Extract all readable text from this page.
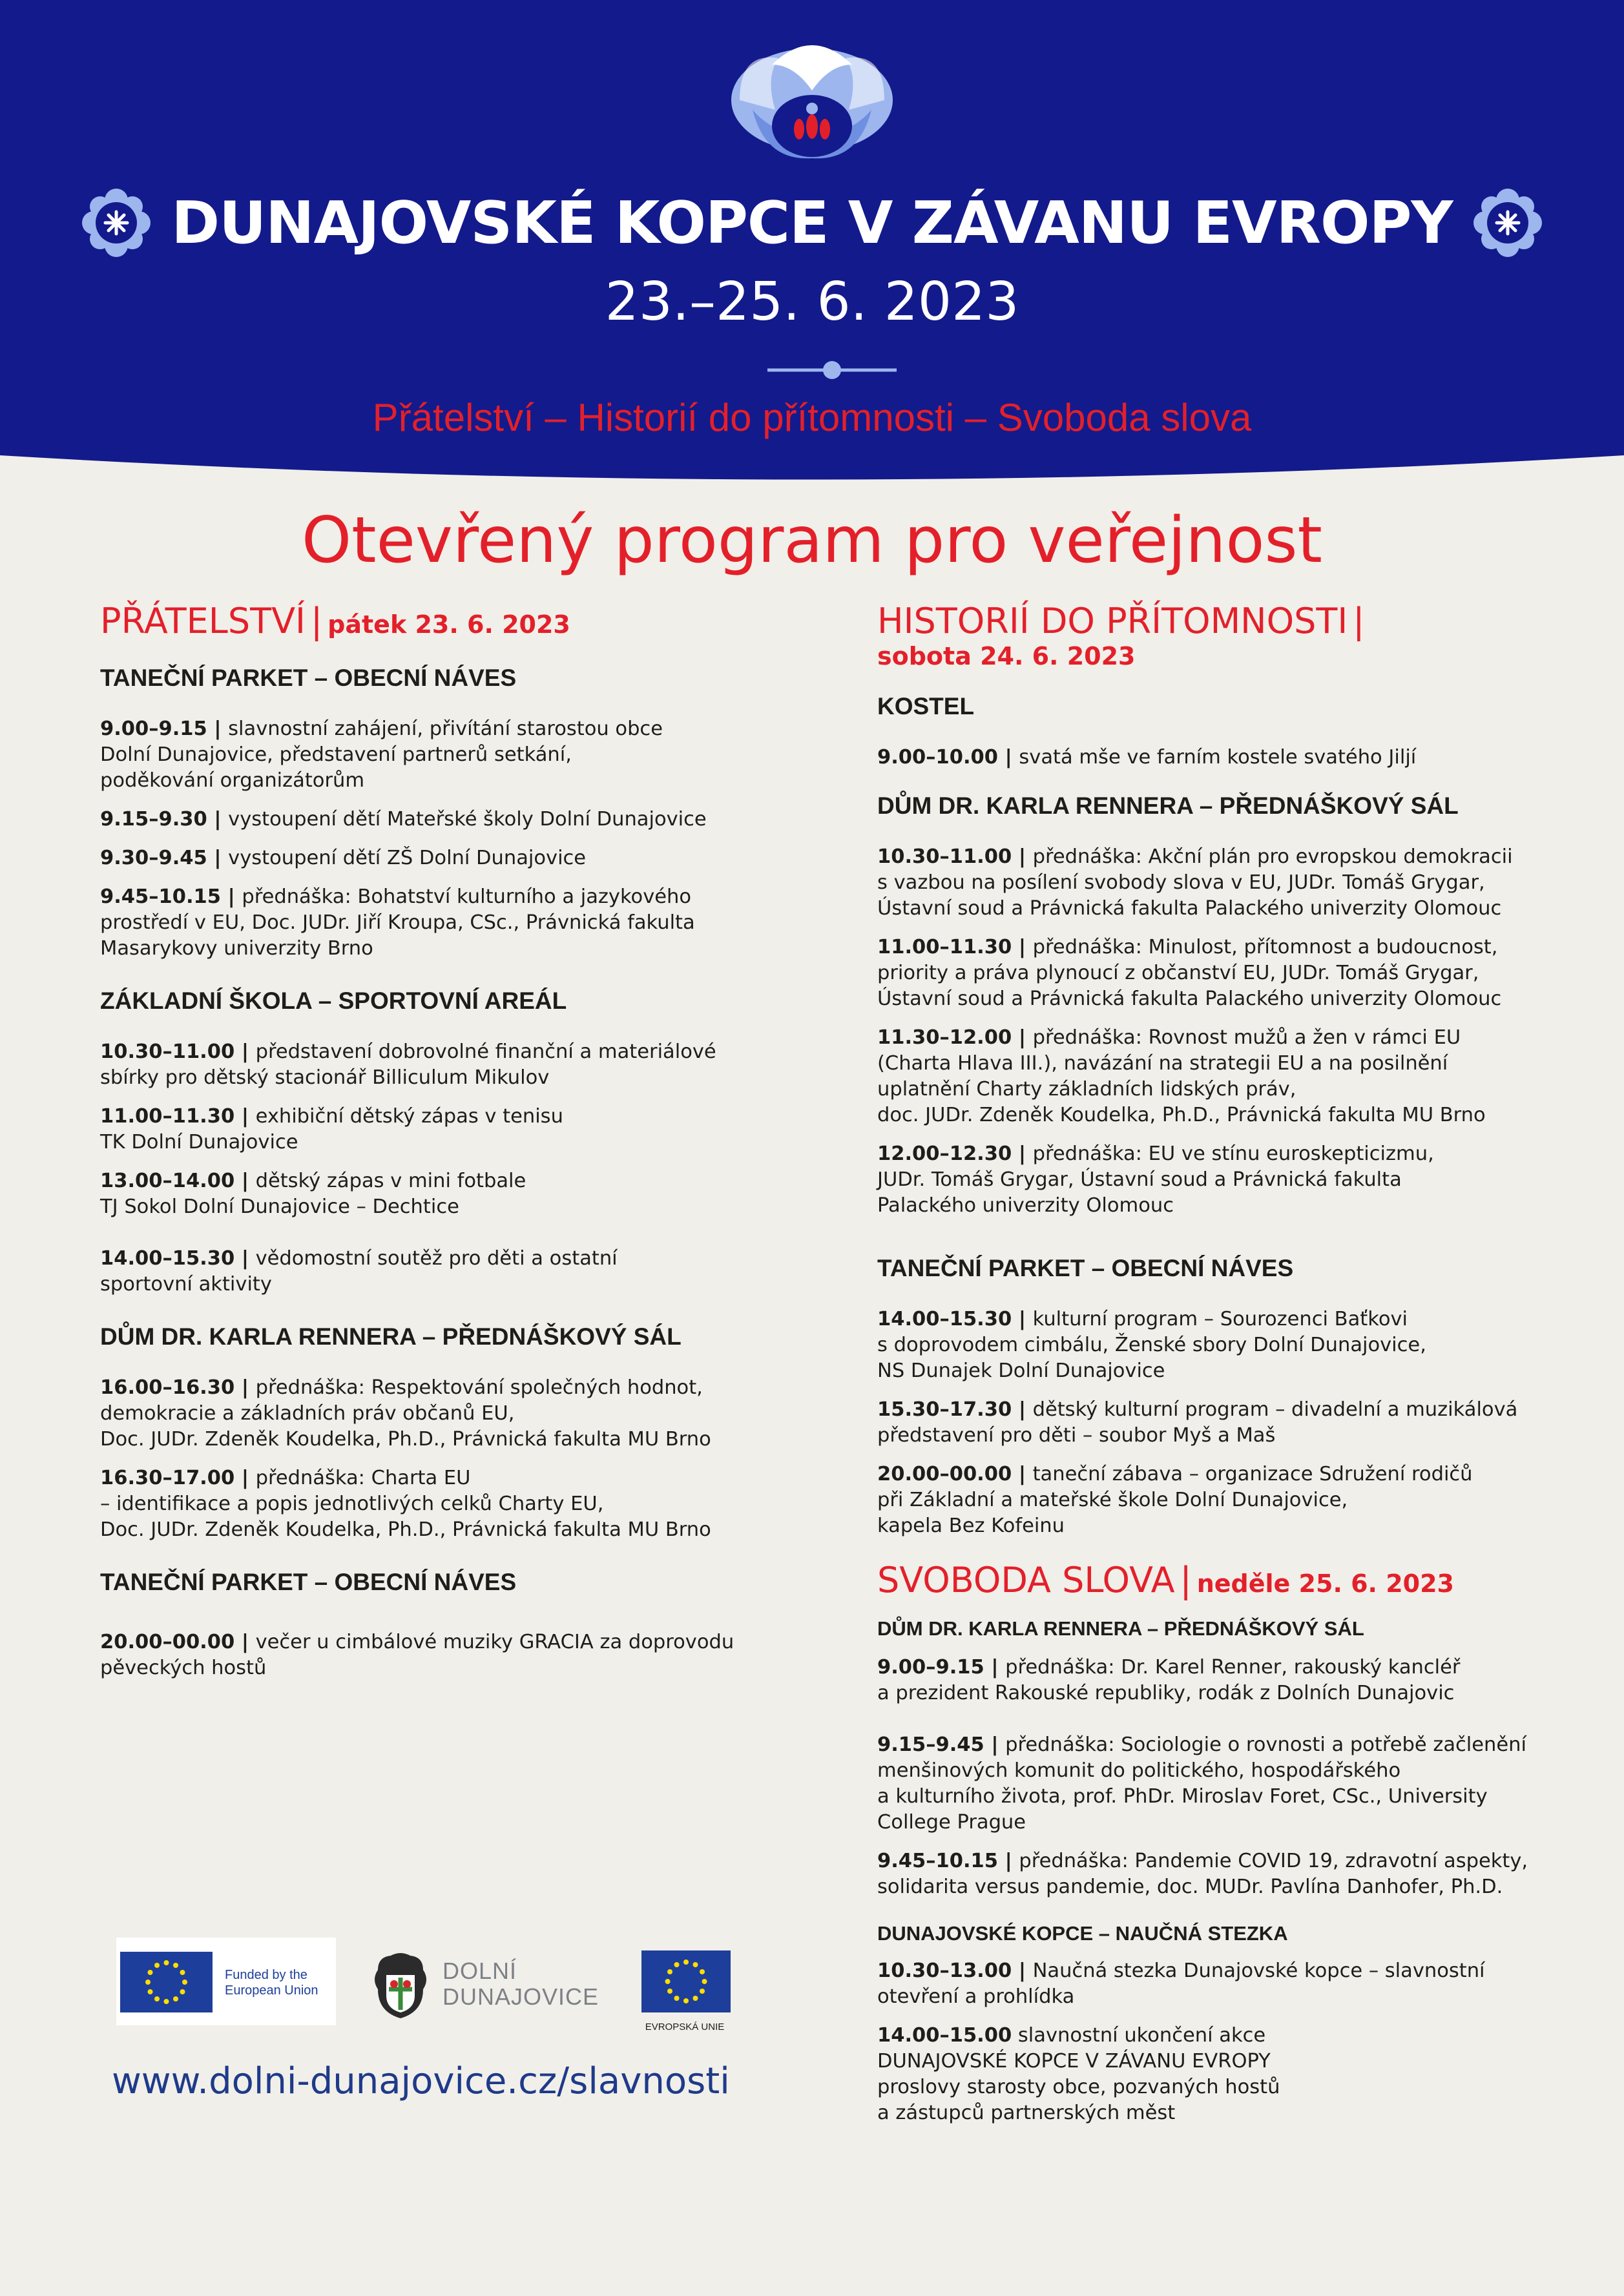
DUNAJOVSKÉ KOPCE V ZÁVANU EVROPY
23.–25. 6. 2023
Přátelství – Historií do přítomnosti – Svoboda slova
Otevřený program pro veřejnost

PŘÁTELSTVÍ | pátek 23. 6. 2023

TANEČNÍ PARKET – OBECNÍ NÁVES

9.00–9.15 | slavnostní zahájení, přivítání starostou obce

Dolní Dunajovice, představení partnerů setkání,

poděkování organizátorům

9.15–9.30 | vystoupení dětí Mateřské školy Dolní Dunajovice

9.30–9.45 | vystoupení dětí ZŠ Dolní Dunajovice

9.45–10.15 | přednáška: Bohatství kulturního a jazykového

prostředí v EU, Doc. JUDr. Jiří Kroupa, CSc., Právnická fakulta

Masarykovy univerzity Brno

ZÁKLADNÍ ŠKOLA – SPORTOVNÍ AREÁL

10.30–11.00 | představení dobrovolné finanční a materiálové

sbírky pro dětský stacionář Billiculum Mikulov

11.00–11.30 | exhibiční dětský zápas v tenisu

TK Dolní Dunajovice

13.00–14.00 | dětský zápas v mini fotbale

TJ Sokol Dolní Dunajovice – Dechtice

14.00–15.30 | vědomostní soutěž pro děti a ostatní

sportovní aktivity

DŮM DR. KARLA RENNERA – PŘEDNÁŠKOVÝ SÁL

16.00–16.30 | přednáška: Respektování společných hodnot,

demokracie a základních práv občanů EU,

Doc. JUDr. Zdeněk Koudelka, Ph.D., Právnická fakulta MU Brno

16.30–17.00 | přednáška: Charta EU

– identifikace a popis jednotlivých celků Charty EU,

Doc. JUDr. Zdeněk Koudelka, Ph.D., Právnická fakulta MU Brno

TANEČNÍ PARKET – OBECNÍ NÁVES

20.00–00.00 | večer u cimbálové muziky GRACIA za doprovodu

pěveckých hostů

HISTORIÍ DO PŘÍTOMNOSTI |
sobota 24. 6. 2023

KOSTEL

9.00–10.00 | svatá mše ve farním kostele svatého Jiljí

DŮM DR. KARLA RENNERA – PŘEDNÁŠKOVÝ SÁL

10.30–11.00 | přednáška: Akční plán pro evropskou demokracii

s vazbou na posílení svobody slova v EU, JUDr. Tomáš Grygar,

Ústavní soud a Právnická fakulta Palackého univerzity Olomouc

11.00–11.30 | přednáška: Minulost, přítomnost a budoucnost,

priority a práva plynoucí z občanství EU, JUDr. Tomáš Grygar,

Ústavní soud a Právnická fakulta Palackého univerzity Olomouc

11.30–12.00 | přednáška: Rovnost mužů a žen v rámci EU

(Charta Hlava III.), navázání na strategii EU a na posilnění

uplatnění Charty základních lidských práv,

doc. JUDr. Zdeněk Koudelka, Ph.D., Právnická fakulta MU Brno

12.00–12.30 | přednáška: EU ve stínu euroskepticizmu,

JUDr. Tomáš Grygar, Ústavní soud a Právnická fakulta

Palackého univerzity Olomouc

TANEČNÍ PARKET – OBECNÍ NÁVES

14.00–15.30 | kulturní program – Sourozenci Baťkovi

s doprovodem cimbálu, Ženské sbory Dolní Dunajovice,

NS Dunajek Dolní Dunajovice

15.30–17.30 | dětský kulturní program – divadelní a muzikálová

představení pro děti – soubor Myš a Maš

20.00–00.00 | taneční zábava – organizace Sdružení rodičů

při Základní a mateřské škole Dolní Dunajovice,

kapela Bez Kofeinu

SVOBODA SLOVA | neděle 25. 6. 2023

DŮM DR. KARLA RENNERA – PŘEDNÁŠKOVÝ SÁL

9.00–9.15 | přednáška: Dr. Karel Renner, rakouský kancléř

a prezident Rakouské republiky, rodák z Dolních Dunajovic

9.15–9.45 | přednáška: Sociologie o rovnosti a potřebě začlenění

menšinových komunit do politického, hospodářského

a kulturního života, prof. PhDr. Miroslav Foret, CSc., University

College Prague

9.45–10.15 | přednáška: Pandemie COVID 19, zdravotní aspekty,

solidarita versus pandemie, doc. MUDr. Pavlína Danhofer, Ph.D.

DUNAJOVSKÉ KOPCE – NAUČNÁ STEZKA

10.30–13.00 | Naučná stezka Dunajovské kopce – slavnostní

otevření a prohlídka

14.00–15.00 slavnostní ukončení akce

DUNAJOVSKÉ KOPCE V ZÁVANU EVROPY

proslovy starosty obce, pozvaných hostů

a zástupců partnerských měst

Funded by the
European Union
DOLNÍ
DUNAJOVICE
EVROPSKÁ UNIE
www.dolni-dunajovice.cz/slavnosti
